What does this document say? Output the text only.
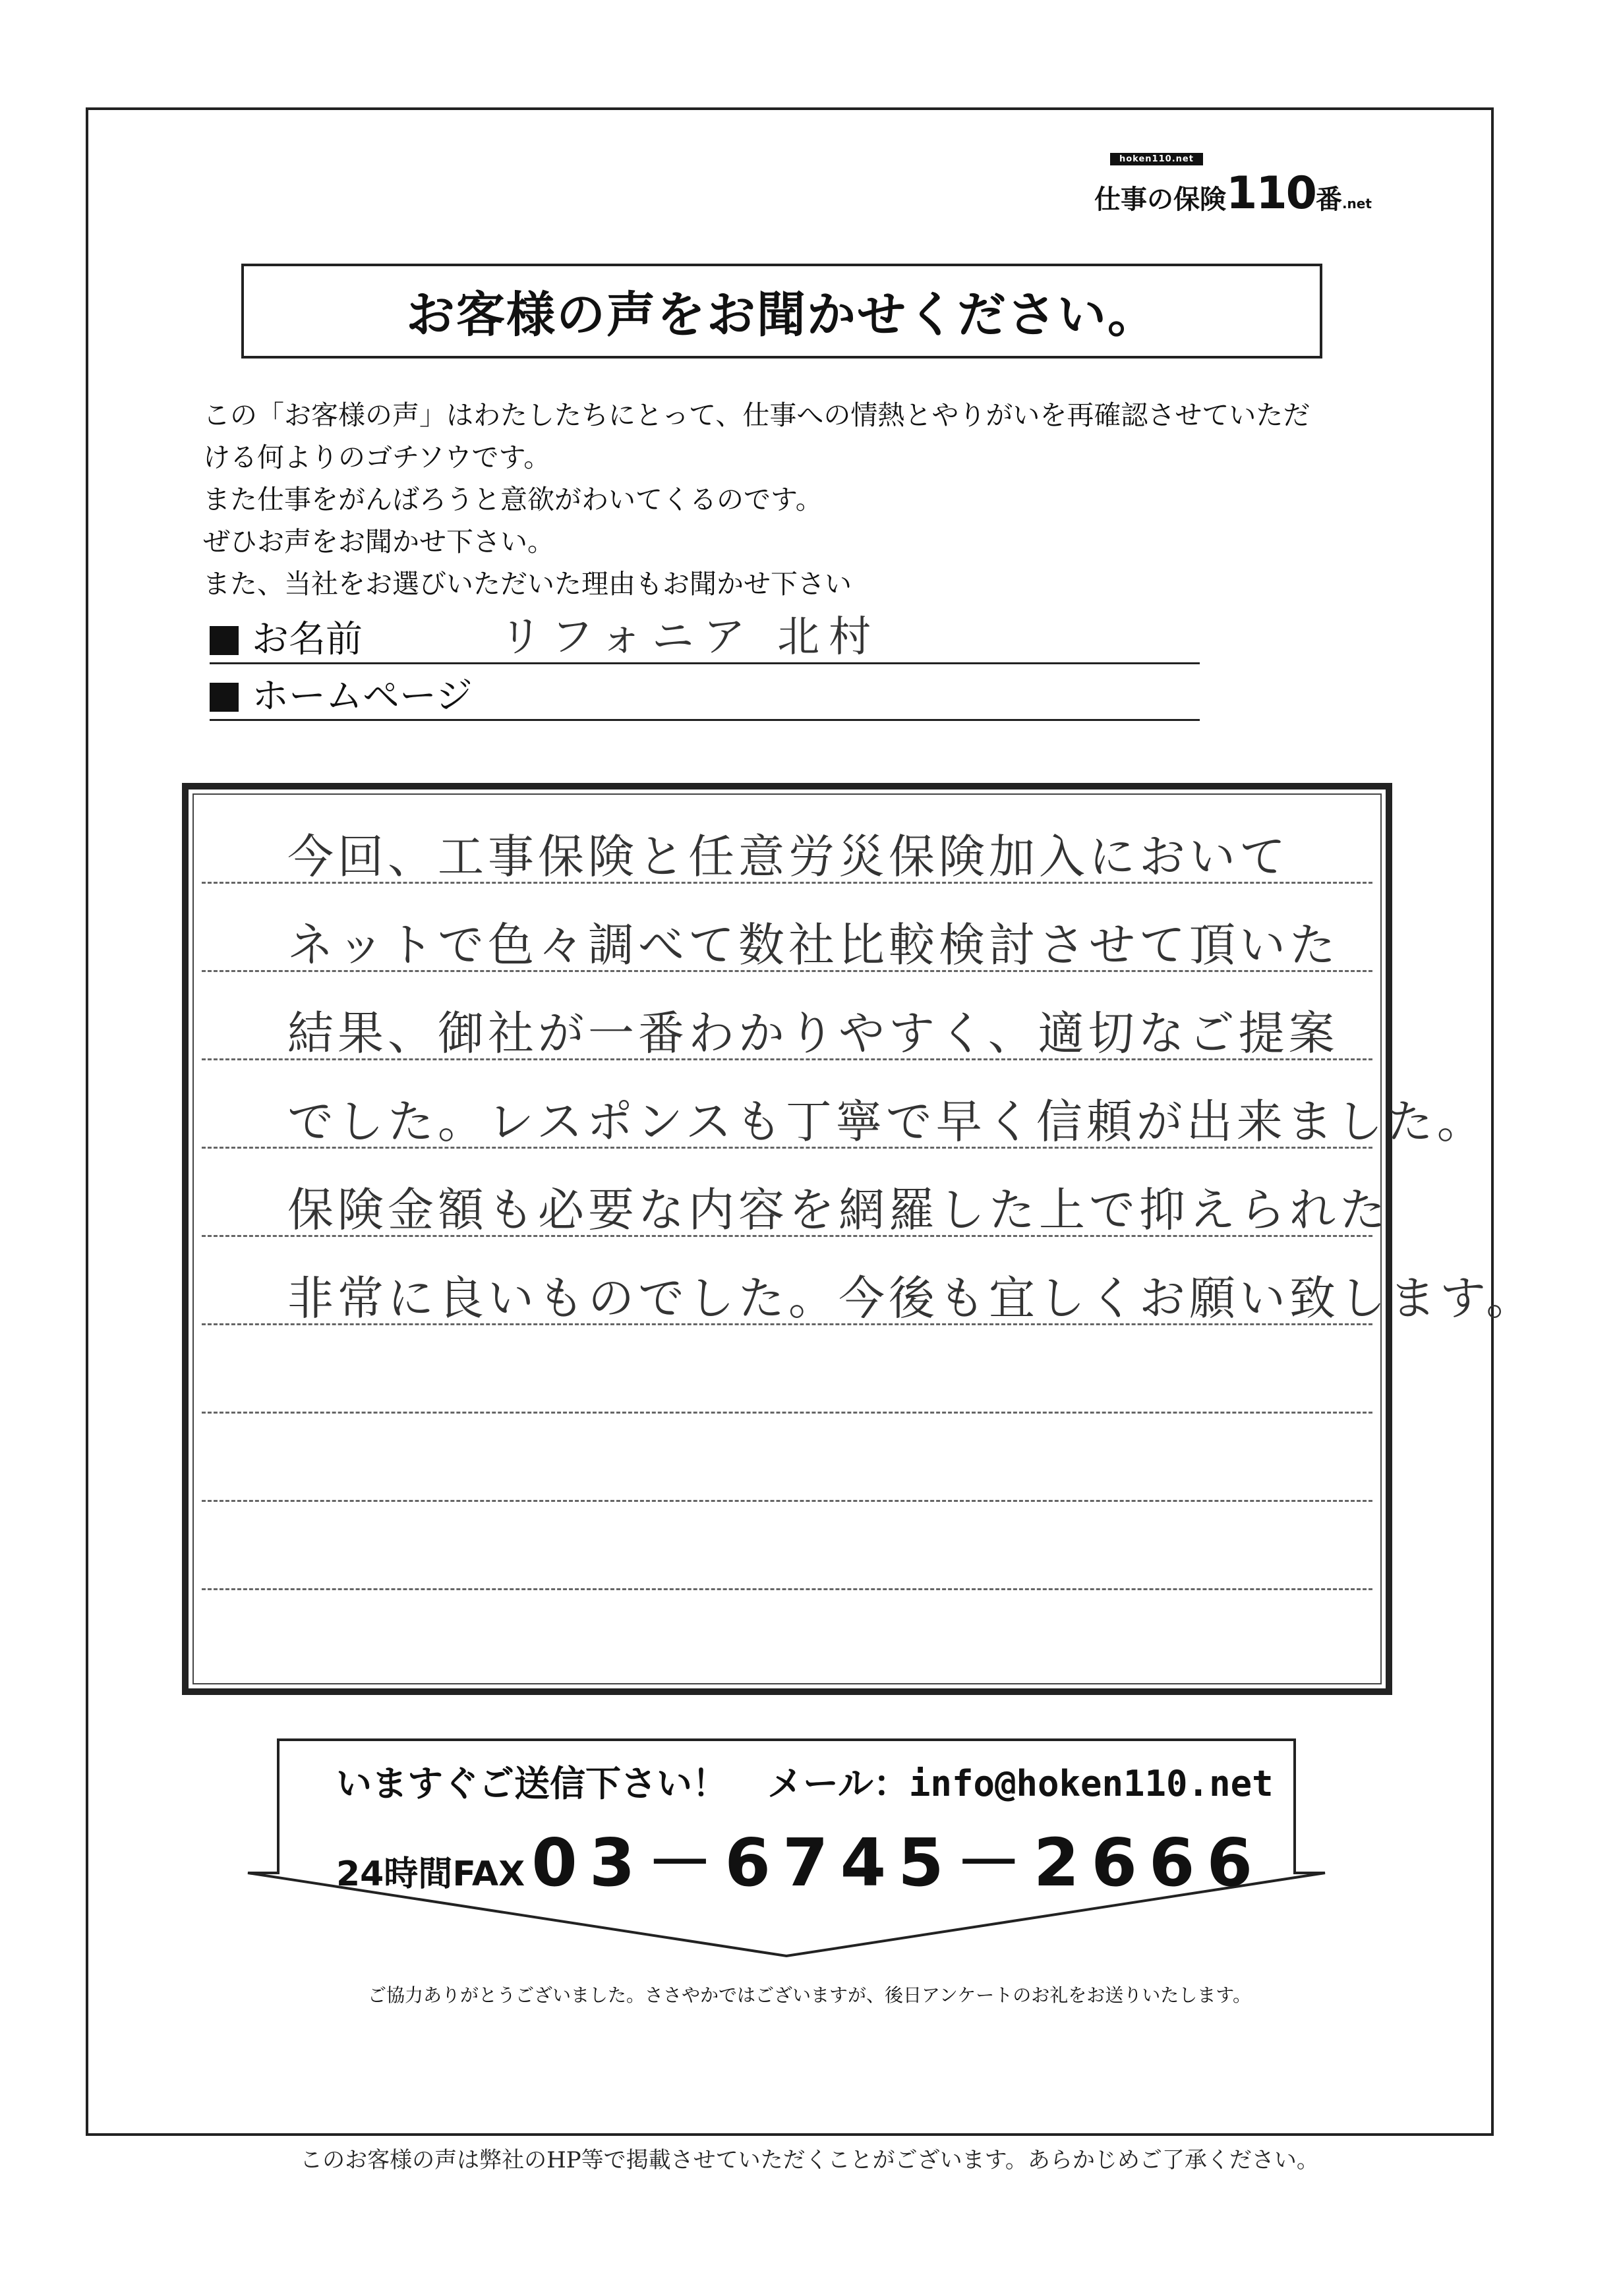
hoken110.net
仕事の保険110番.net
お客様の声をお聞かせください。
この「お客様の声」はわたしたちにとって、仕事への情熱とやりがいを再確認させていただ
ける何よりのゴチソウです。
また仕事をがんばろうと意欲がわいてくるのです。
ぜひお声をお聞かせ下さい。
また、当社をお選びいただいた理由もお聞かせ下さい
お名前	リフォニア 北村
ホームページ
今回、工事保険と任意労災保険加入において
ネットで色々調べて数社比較検討させて頂いた
結果、御社が一番わかりやすく、適切なご提案
でした。レスポンスも丁寧で早く信頼が出来ました。
保険金額も必要な内容を網羅した上で抑えられた
非常に良いものでした。今後も宜しくお願い致します。
いますぐご送信下さい！ メール：info@hoken110.net
24時間FAX 03－6745－2666
ご協力ありがとうございました。ささやかではございますが、後日アンケートのお礼をお送りいたします。
このお客様の声は弊社のHP等で掲載させていただくことがございます。あらかじめご了承ください。
